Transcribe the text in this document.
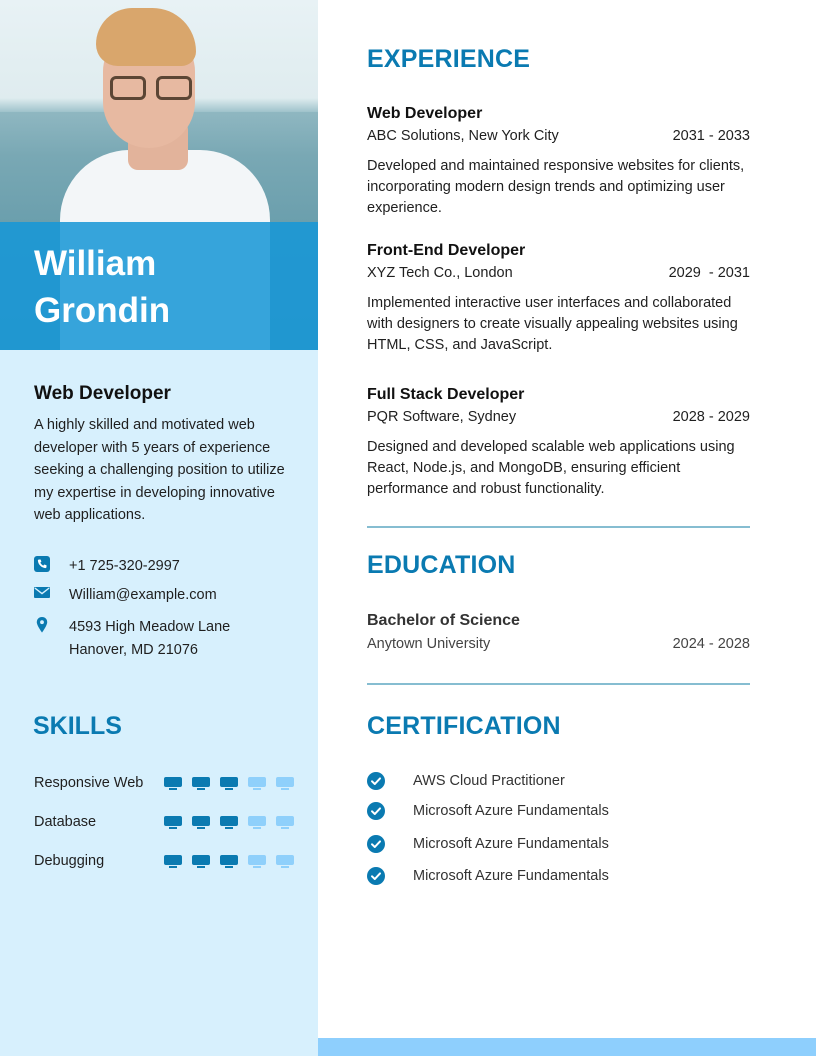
William
Grondin
Web Developer
A highly skilled and motivated web developer with 5 years of experience seeking a challenging position to utilize my expertise in developing innovative web applications.
+1 725-320-2997
William@example.com
4593 High Meadow Lane
Hanover, MD 21076
SKILLS
Responsive Web
Database
Debugging
EXPERIENCE
Web Developer
ABC Solutions, New York City	2031 - 2033
Developed and maintained responsive websites for clients, incorporating modern design trends and optimizing user experience.
Front-End Developer
XYZ Tech Co., London	2029  - 2031
Implemented interactive user interfaces and collaborated with designers to create visually appealing websites using HTML, CSS, and JavaScript.
Full Stack Developer
PQR Software, Sydney	2028 - 2029
Designed and developed scalable web applications using React, Node.js, and MongoDB, ensuring efficient performance and robust functionality.
EDUCATION
Bachelor of Science
Anytown University	2024 - 2028
CERTIFICATION
AWS Cloud Practitioner
Microsoft Azure Fundamentals
Microsoft Azure Fundamentals
Microsoft Azure Fundamentals
